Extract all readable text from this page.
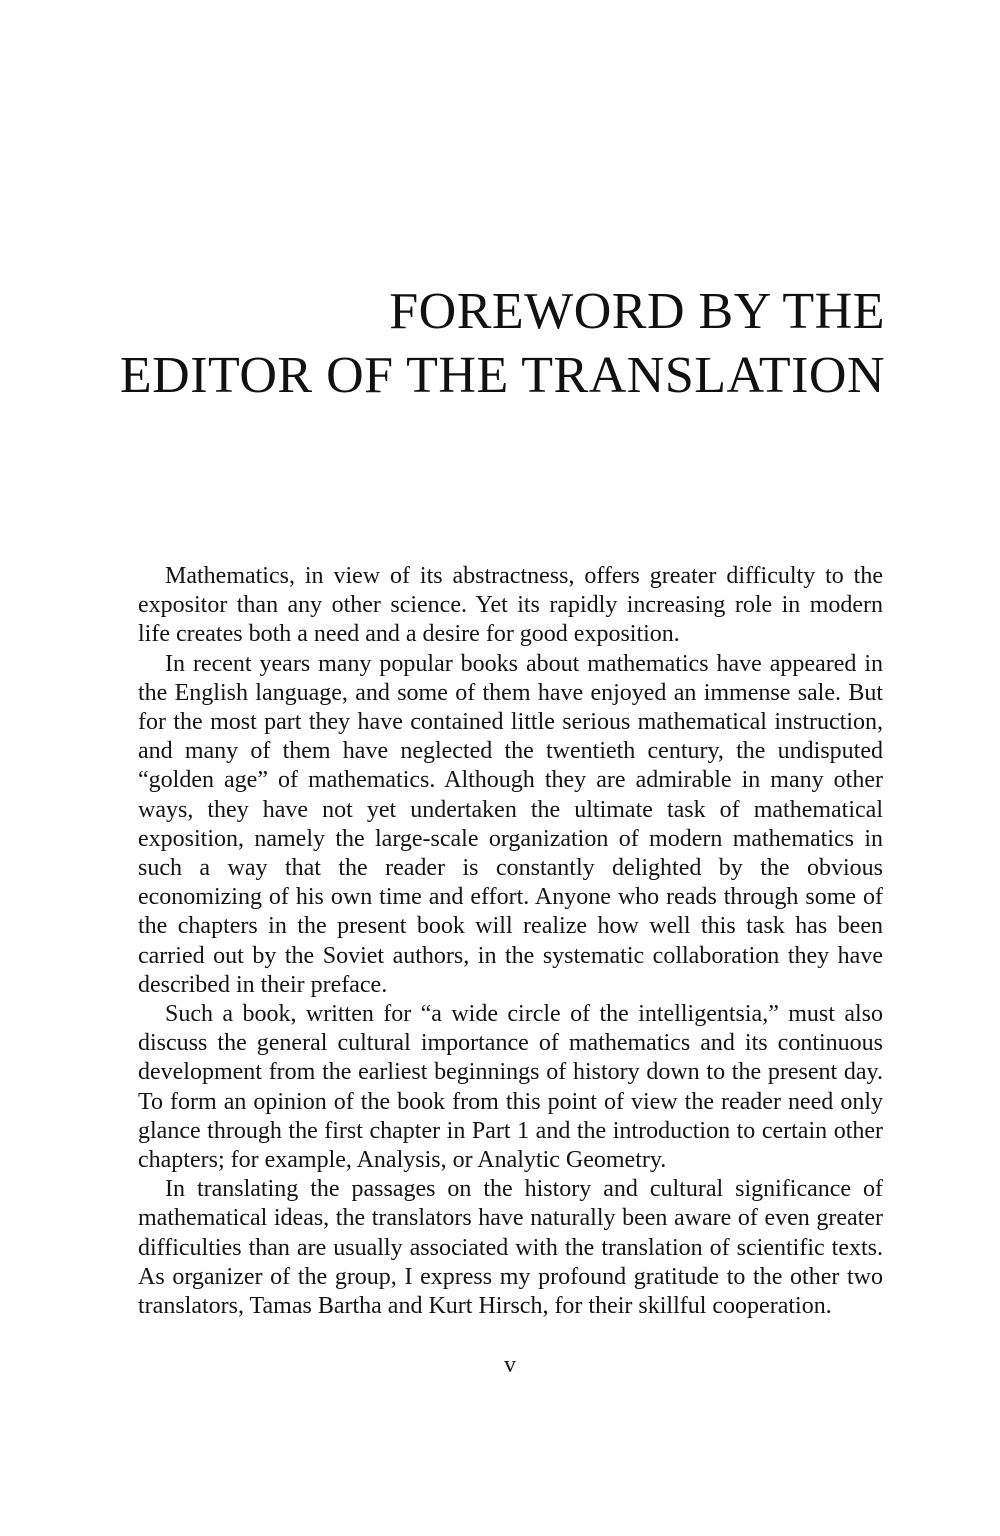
FOREWORD BY THE
EDITOR OF THE TRANSLATION

Mathematics, in view of its abstractness, offers greater difficulty to the expositor than any other science. Yet its rapidly increasing role in modern life creates both a need and a desire for good exposition.

In recent years many popular books about mathematics have appeared in the English language, and some of them have enjoyed an immense sale. But for the most part they have contained little serious mathematical instruction, and many of them have neglected the twentieth century, the undisputed “golden age” of mathematics. Although they are admirable in many other ways, they have not yet undertaken the ultimate task of mathematical exposition, namely the large-scale organization of modern mathematics in such a way that the reader is constantly delighted by the obvious economizing of his own time and effort. Anyone who reads through some of the chapters in the present book will realize how well this task has been carried out by the Soviet authors, in the systematic collaboration they have described in their preface.

Such a book, written for “a wide circle of the intelligentsia,” must also discuss the general cultural importance of mathematics and its continuous development from the earliest beginnings of history down to the present day. To form an opinion of the book from this point of view the reader need only glance through the first chapter in Part 1 and the introduction to certain other chapters; for example, Analysis, or Analytic Geometry.

In translating the passages on the history and cultural significance of mathematical ideas, the translators have naturally been aware of even greater difficulties than are usually associated with the translation of scientific texts. As organizer of the group, I express my profound gratitude to the other two translators, Tamas Bartha and Kurt Hirsch, for their skillful cooperation.

v
